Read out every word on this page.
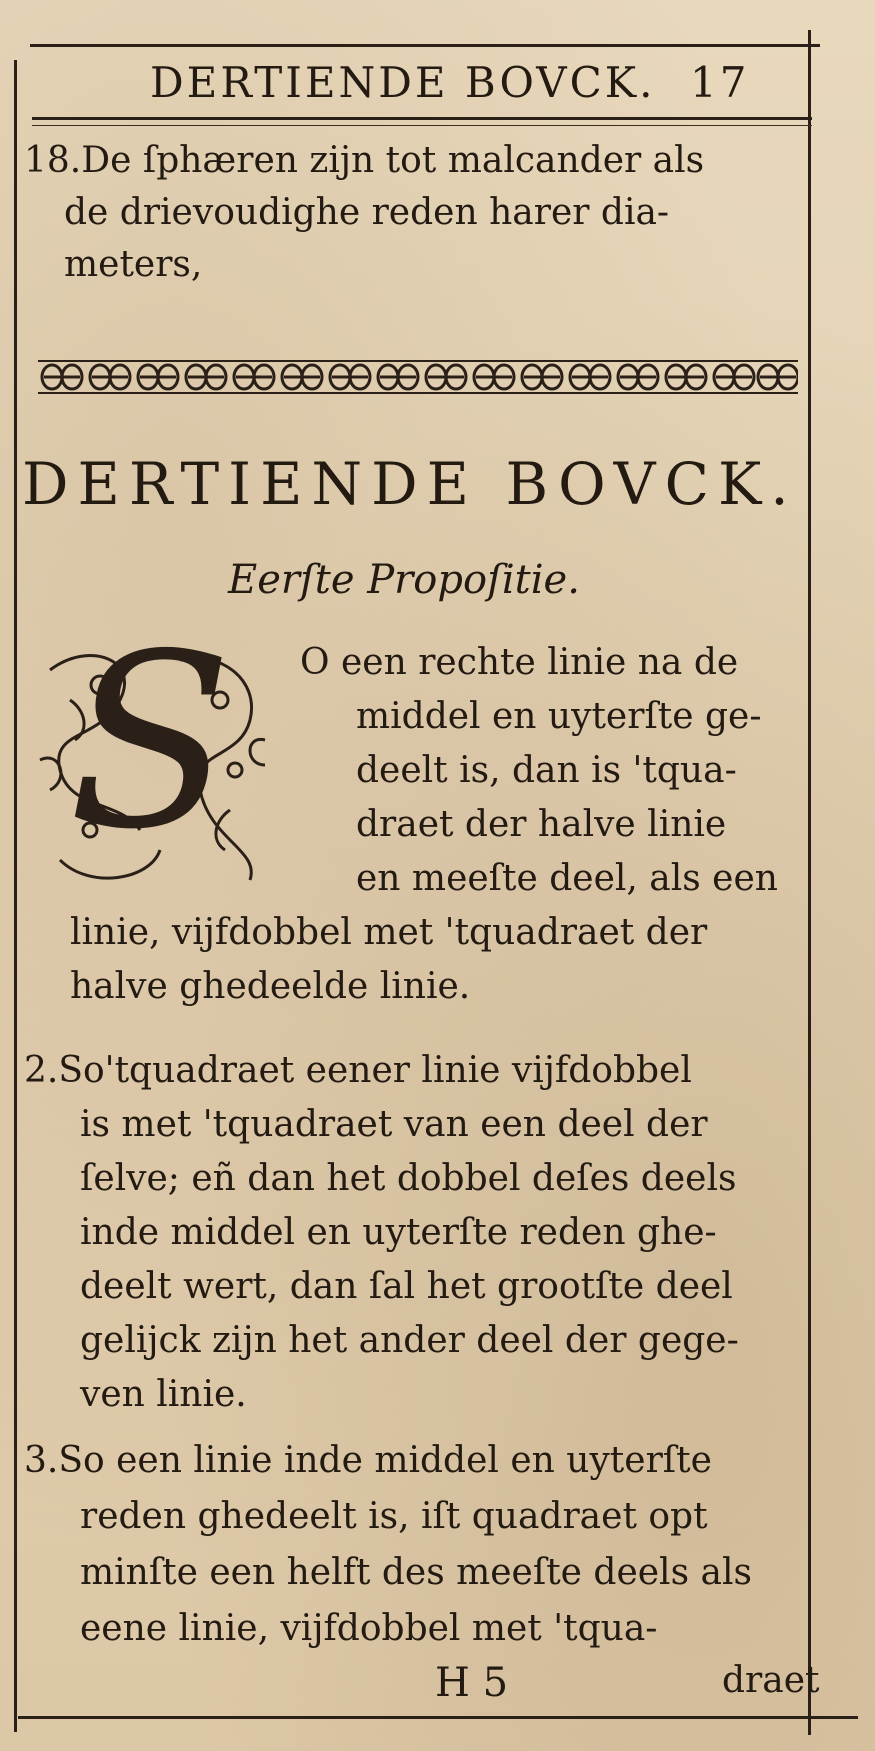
DERTIENDE BOVCK. 17
18.De ſphæren zijn tot malcander als
de drievoudighe reden harer dia-
meters,
DERTIENDE BOVCK.
Eerſte Propoſitie.
S O een rechte linie na de
middel en uyterſte ge-
deelt is, dan is 'tqua-
draet der halve linie
en meeſte deel, als een
linie, vijfdobbel met 'tquadraet der
halve ghedeelde linie.
2.So'tquadraet eener linie vijfdobbel
is met 'tquadraet van een deel der
ſelve; eñ dan het dobbel deſes deels
inde middel en uyterſte reden ghe-
deelt wert, dan ſal het grootſte deel
gelijck zijn het ander deel der gege-
ven linie.
3.So een linie inde middel en uyterſte
reden ghedeelt is, iſt quadraet opt
minſte een helft des meeſte deels als
eene linie, vijfdobbel met 'tqua-
H 5	draet
